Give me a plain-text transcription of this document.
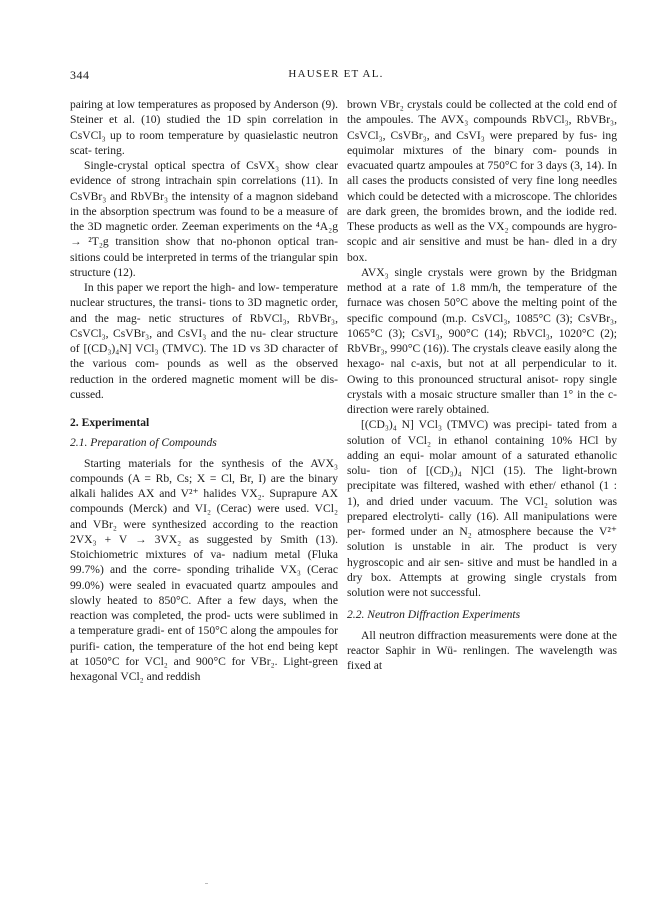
344	HAUSER ET AL.

pairing at low temperatures as proposed by Anderson (9). Steiner et al. (10) studied the 1D spin correlation in CsVCl₃ up to room temperature by quasielastic neutron scat- tering.

Single-crystal optical spectra of CsVX₃ show clear evidence of strong intrachain spin correlations (11). In CsVBr₃ and RbVBr₃ the intensity of a magnon sideband in the absorption spectrum was found to be a measure of the 3D magnetic order. Zeeman experiments on the ⁴A₂g → ²T₂g transition show that no-phonon optical tran- sitions could be interpreted in terms of the triangular spin structure (12).

In this paper we report the high- and low- temperature nuclear structures, the transi- tions to 3D magnetic order, and the mag- netic structures of RbVCl₃, RbVBr₃, CsVCl₃, CsVBr₃, and CsVI₃ and the nu- clear structure of [(CD₃)₄N] VCl₃ (TMVC). The 1D vs 3D character of the various com- pounds as well as the observed reduction in the ordered magnetic moment will be dis- cussed.

2. Experimental
2.1. Preparation of Compounds

Starting materials for the synthesis of the AVX₃ compounds (A = Rb, Cs; X = Cl, Br, I) are the binary alkali halides AX and V²⁺ halides VX₂. Suprapure AX compounds (Merck) and VI₂ (Cerac) were used. VCl₂ and VBr₂ were synthesized according to the reaction 2VX₃ + V → 3VX₂ as suggested by Smith (13). Stoichiometric mixtures of va- nadium metal (Fluka 99.7%) and the corre- sponding trihalide VX₃ (Cerac 99.0%) were sealed in evacuated quartz ampoules and slowly heated to 850°C. After a few days, when the reaction was completed, the prod- ucts were sublimed in a temperature gradi- ent of 150°C along the ampoules for purifi- cation, the temperature of the hot end being kept at 1050°C for VCl₂ and 900°C for VBr₂. Light-green hexagonal VCl₂ and reddish

brown VBr₂ crystals could be collected at the cold end of the ampoules. The AVX₃ compounds RbVCl₃, RbVBr₃, CsVCl₃, CsVBr₃, and CsVI₃ were prepared by fus- ing equimolar mixtures of the binary com- pounds in evacuated quartz ampoules at 750°C for 3 days (3, 14). In all cases the products consisted of very fine long needles which could be detected with a microscope. The chlorides are dark green, the bromides brown, and the iodide red. These products as well as the VX₂ compounds are hygro- scopic and air sensitive and must be han- dled in a dry box.

AVX₃ single crystals were grown by the Bridgman method at a rate of 1.8 mm/h, the temperature of the furnace was chosen 50°C above the melting point of the specific compound (m.p. CsVCl₃, 1085°C (3); CsVBr₃, 1065°C (3); CsVI₃, 900°C (14); RbVCl₃, 1020°C (2); RbVBr₃, 990°C (16)). The crystals cleave easily along the hexago- nal c-axis, but not at all perpendicular to it. Owing to this pronounced structural anisot- ropy single crystals with a mosaic structure smaller than 1° in the c-direction were rarely obtained.

[(CD₃)₄ N] VCl₃ (TMVC) was precipi- tated from a solution of VCl₂ in ethanol containing 10% HCl by adding an equi- molar amount of a saturated ethanolic solu- tion of [(CD₃)₄ N]Cl (15). The light-brown precipitate was filtered, washed with ether/ ethanol (1 : 1), and dried under vacuum. The VCl₂ solution was prepared electrolyti- cally (16). All manipulations were per- formed under an N₂ atmosphere because the V²⁺ solution is unstable in air. The product is very hygroscopic and air sen- sitive and must be handled in a dry box. Attempts at growing single crystals from solution were not successful.

2.2. Neutron Diffraction Experiments

All neutron diffraction measurements were done at the reactor Saphir in Wü- renlingen. The wavelength was fixed at
